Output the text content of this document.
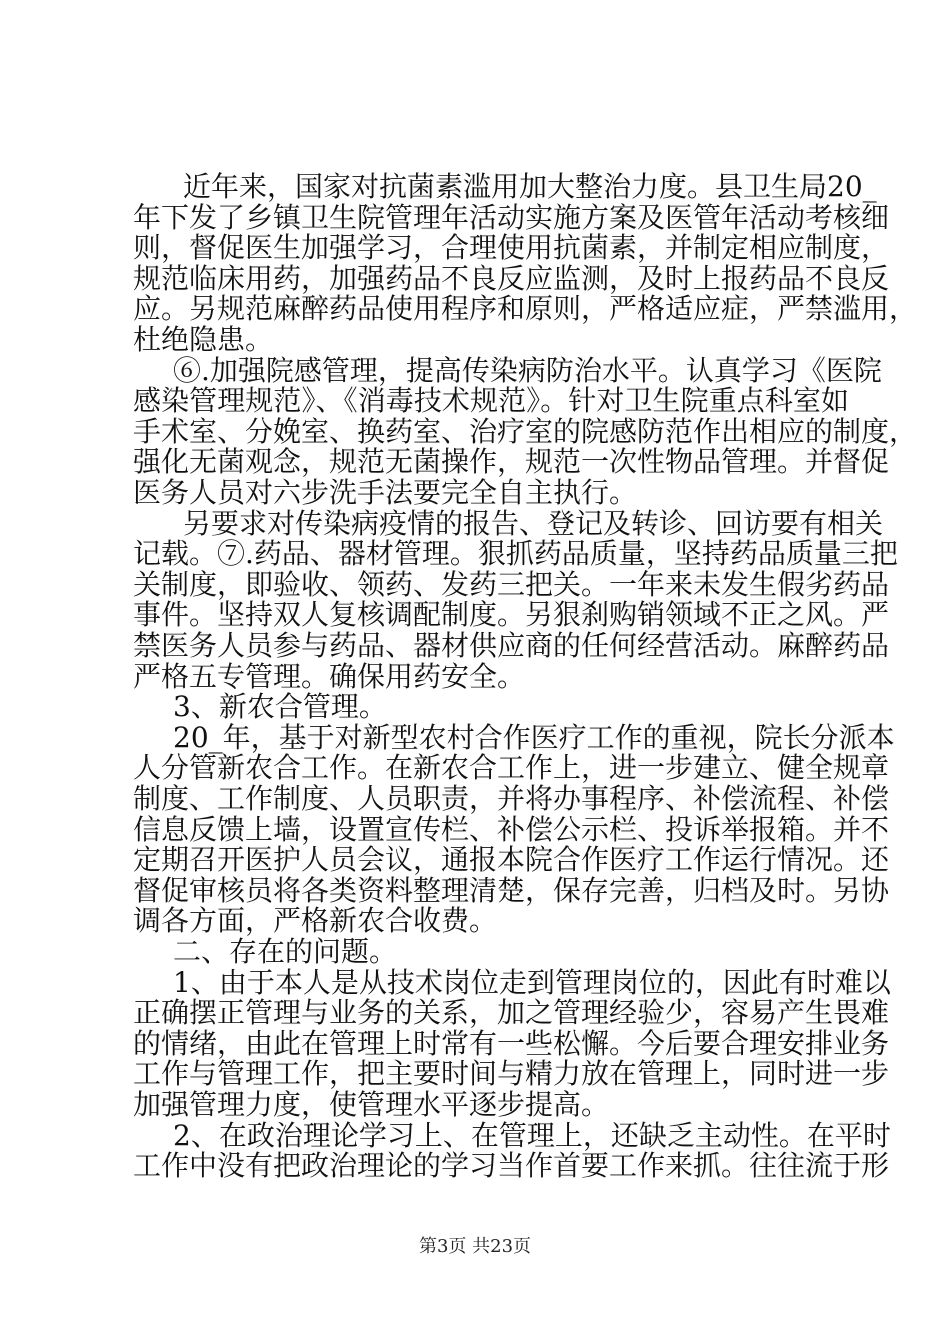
近年来，国家对抗菌素滥用加大整治力度。县卫生局20_
年下发了乡镇卫生院管理年活动实施方案及医管年活动考核细
则，督促医生加强学习，合理使用抗菌素，并制定相应制度，
规范临床用药，加强药品不良反应监测，及时上报药品不良反
应。另规范麻醉药品使用程序和原则，严格适应症，严禁滥用，
杜绝隐患。
⑥.加强院感管理，提高传染病防治水平。认真学习《医院
感染管理规范》、《消毒技术规范》。针对卫生院重点科室如
手术室、分娩室、换药室、治疗室的院感防范作出相应的制度，
强化无菌观念，规范无菌操作，规范一次性物品管理。并督促
医务人员对六步洗手法要完全自主执行。
另要求对传染病疫情的报告、登记及转诊、回访要有相关
记载。⑦.药品、器材管理。狠抓药品质量，坚持药品质量三把
关制度，即验收、领药、发药三把关。一年来未发生假劣药品
事件。坚持双人复核调配制度。另狠刹购销领域不正之风。严
禁医务人员参与药品、器材供应商的任何经营活动。麻醉药品
严格五专管理。确保用药安全。
3、新农合管理。
20_年，基于对新型农村合作医疗工作的重视，院长分派本
人分管新农合工作。在新农合工作上，进一步建立、健全规章
制度、工作制度、人员职责，并将办事程序、补偿流程、补偿
信息反馈上墙，设置宣传栏、补偿公示栏、投诉举报箱。并不
定期召开医护人员会议，通报本院合作医疗工作运行情况。还
督促审核员将各类资料整理清楚，保存完善，归档及时。另协
调各方面，严格新农合收费。
二、存在的问题。
1、由于本人是从技术岗位走到管理岗位的，因此有时难以
正确摆正管理与业务的关系，加之管理经验少，容易产生畏难
的情绪，由此在管理上时常有一些松懈。今后要合理安排业务
工作与管理工作，把主要时间与精力放在管理上，同时进一步
加强管理力度，使管理水平逐步提高。
2、在政治理论学习上、在管理上，还缺乏主动性。在平时
工作中没有把政治理论的学习当作首要工作来抓。往往流于形
第3页 共23页
